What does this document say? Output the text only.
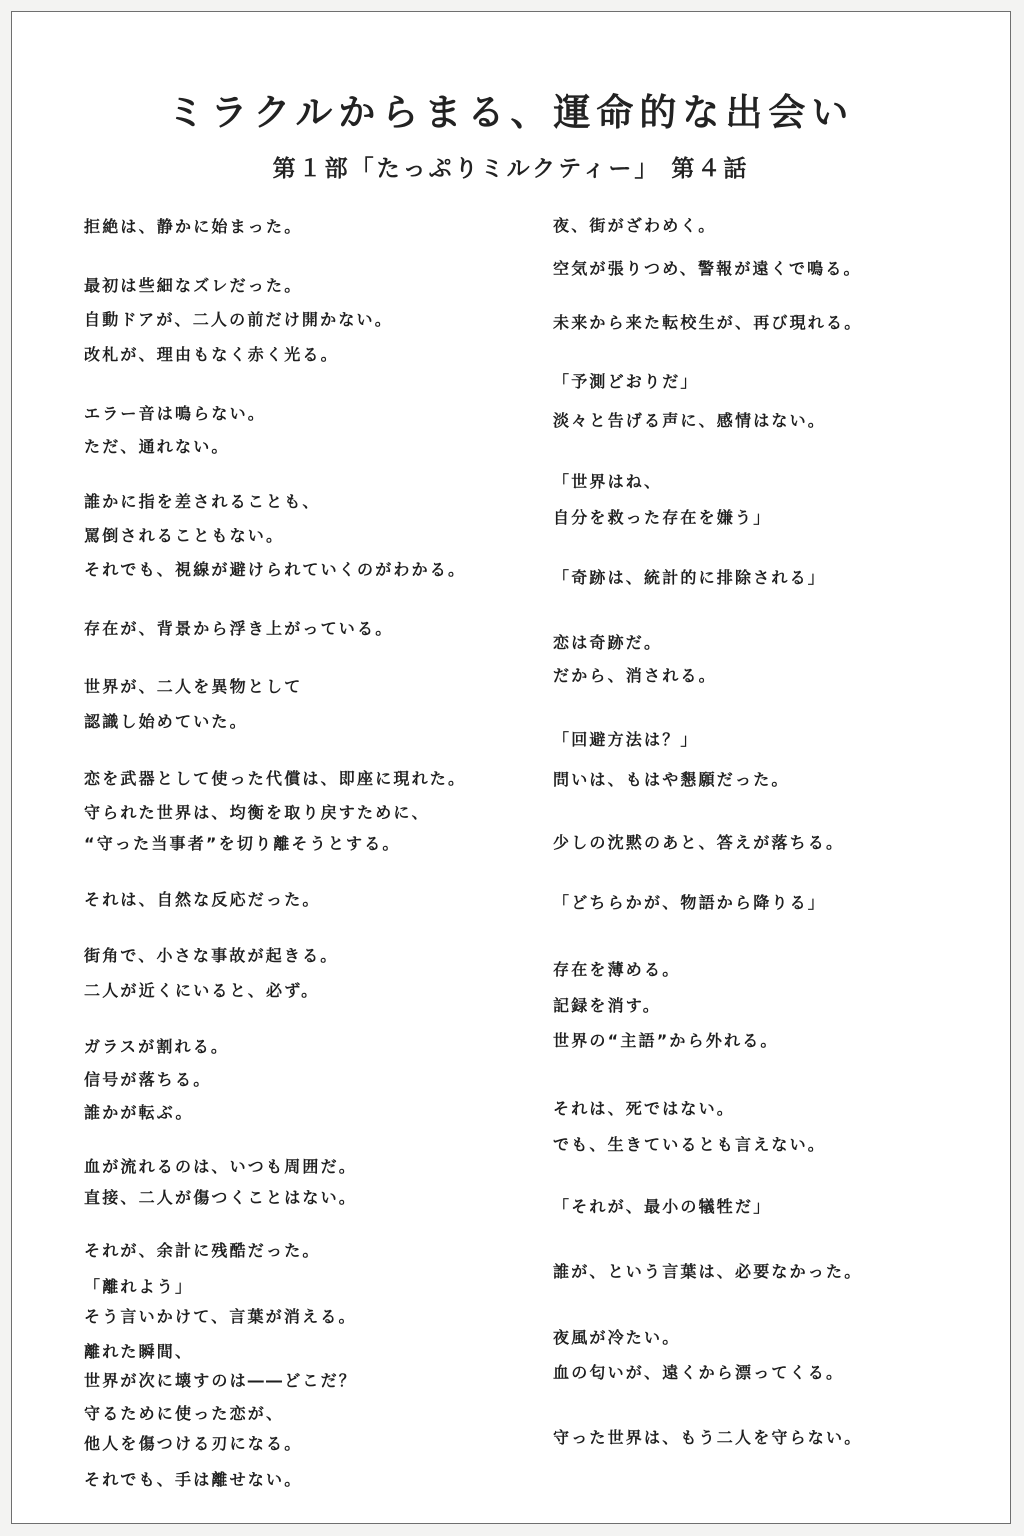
ミラクルからまる、運命的な出会い
第１部「たっぷりミルクティー」 第４話
拒絶は、静かに始まった。
最初は些細なズレだった。
自動ドアが、二人の前だけ開かない。
改札が、理由もなく赤く光る。
エラー音は鳴らない。
ただ、通れない。
誰かに指を差されることも、
罵倒されることもない。
それでも、視線が避けられていくのがわかる。
存在が、背景から浮き上がっている。
世界が、二人を異物として
認識し始めていた。
恋を武器として使った代償は、即座に現れた。
守られた世界は、均衡を取り戻すために、
“守った当事者”を切り離そうとする。
それは、自然な反応だった。
街角で、小さな事故が起きる。
二人が近くにいると、必ず。
ガラスが割れる。
信号が落ちる。
誰かが転ぶ。
血が流れるのは、いつも周囲だ。
直接、二人が傷つくことはない。
それが、余計に残酷だった。
「離れよう」
そう言いかけて、言葉が消える。
離れた瞬間、
世界が次に壊すのは――どこだ？
守るために使った恋が、
他人を傷つける刃になる。
それでも、手は離せない。
夜、街がざわめく。
空気が張りつめ、警報が遠くで鳴る。
未来から来た転校生が、再び現れる。
「予測どおりだ」
淡々と告げる声に、感情はない。
「世界はね、
自分を救った存在を嫌う」
「奇跡は、統計的に排除される」
恋は奇跡だ。
だから、消される。
「回避方法は？」
問いは、もはや懇願だった。
少しの沈黙のあと、答えが落ちる。
「どちらかが、物語から降りる」
存在を薄める。
記録を消す。
世界の“主語”から外れる。
それは、死ではない。
でも、生きているとも言えない。
「それが、最小の犠牲だ」
誰が、という言葉は、必要なかった。
夜風が冷たい。
血の匂いが、遠くから漂ってくる。
守った世界は、もう二人を守らない。
